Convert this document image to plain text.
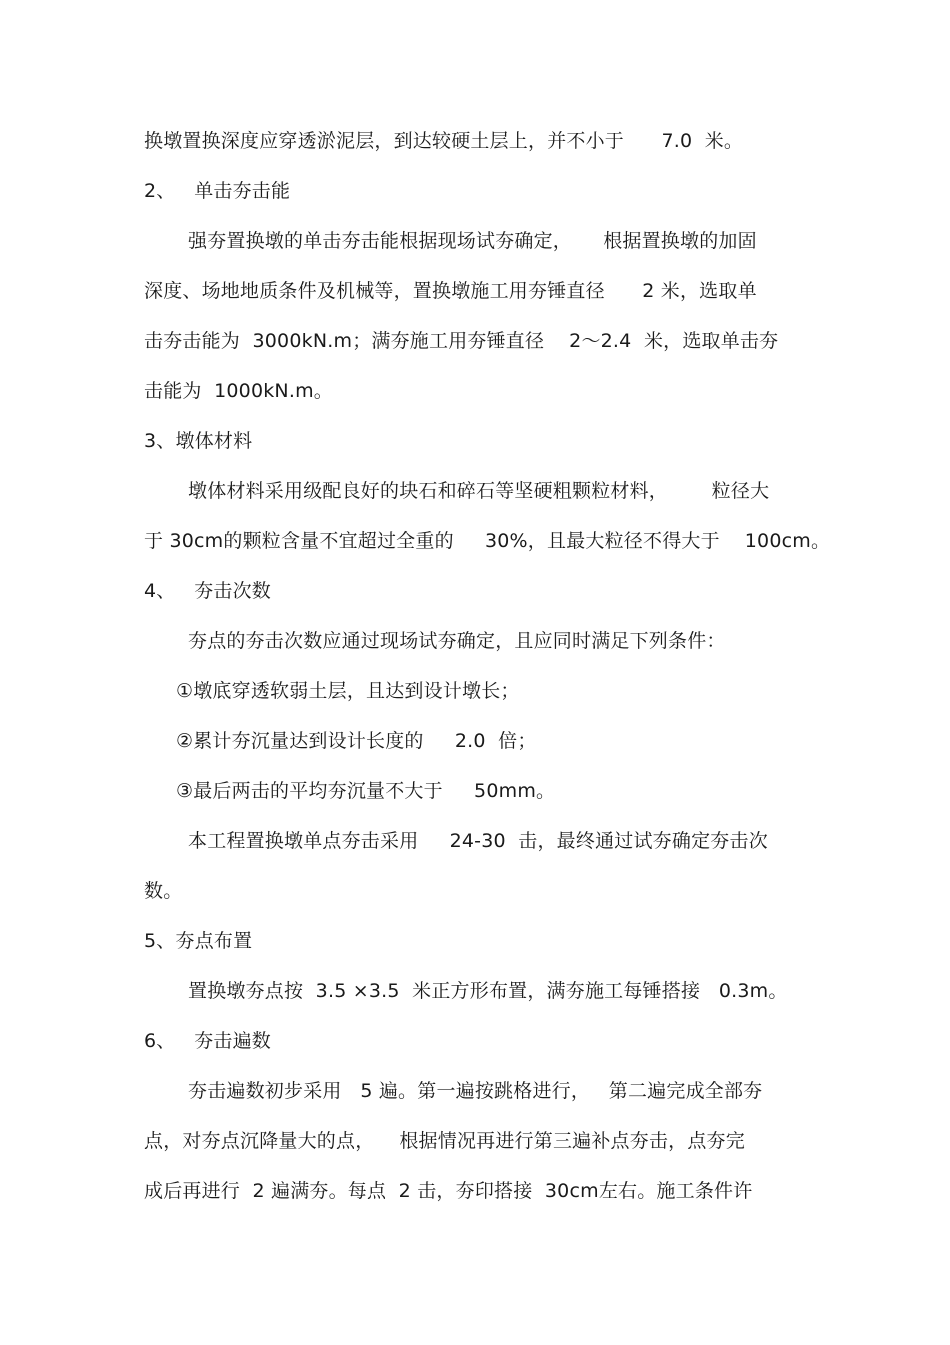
换墩置换深度应穿透淤泥层，到达较硬土层上，并不小于      7.0  米。
2、   单击夯击能
强夯置换墩的单击夯击能根据现场试夯确定，     根据置换墩的加固
深度、场地地质条件及机械等，置换墩施工用夯锤直径      2 米，选取单
击夯击能为  3000kN.m；满夯施工用夯锤直径    2～2.4  米，选取单击夯
击能为  1000kN.m。
3、墩体材料
墩体材料采用级配良好的块石和碎石等坚硬粗颗粒材料，       粒径大
于 30cm的颗粒含量不宜超过全重的     30%，且最大粒径不得大于    100cm。
4、   夯击次数
夯点的夯击次数应通过现场试夯确定，且应同时满足下列条件：
①墩底穿透软弱土层，且达到设计墩长；
②累计夯沉量达到设计长度的     2.0  倍；
③最后两击的平均夯沉量不大于     50mm。
本工程置换墩单点夯击采用     24-30  击，最终通过试夯确定夯击次
数。
5、夯点布置
置换墩夯点按  3.5 ×3.5  米正方形布置，满夯施工每锤搭接   0.3m。
6、   夯击遍数
夯击遍数初步采用   5 遍。第一遍按跳格进行，   第二遍完成全部夯
点，对夯点沉降量大的点，    根据情况再进行第三遍补点夯击，点夯完
成后再进行  2 遍满夯。每点  2 击，夯印搭接  30cm左右。施工条件许
